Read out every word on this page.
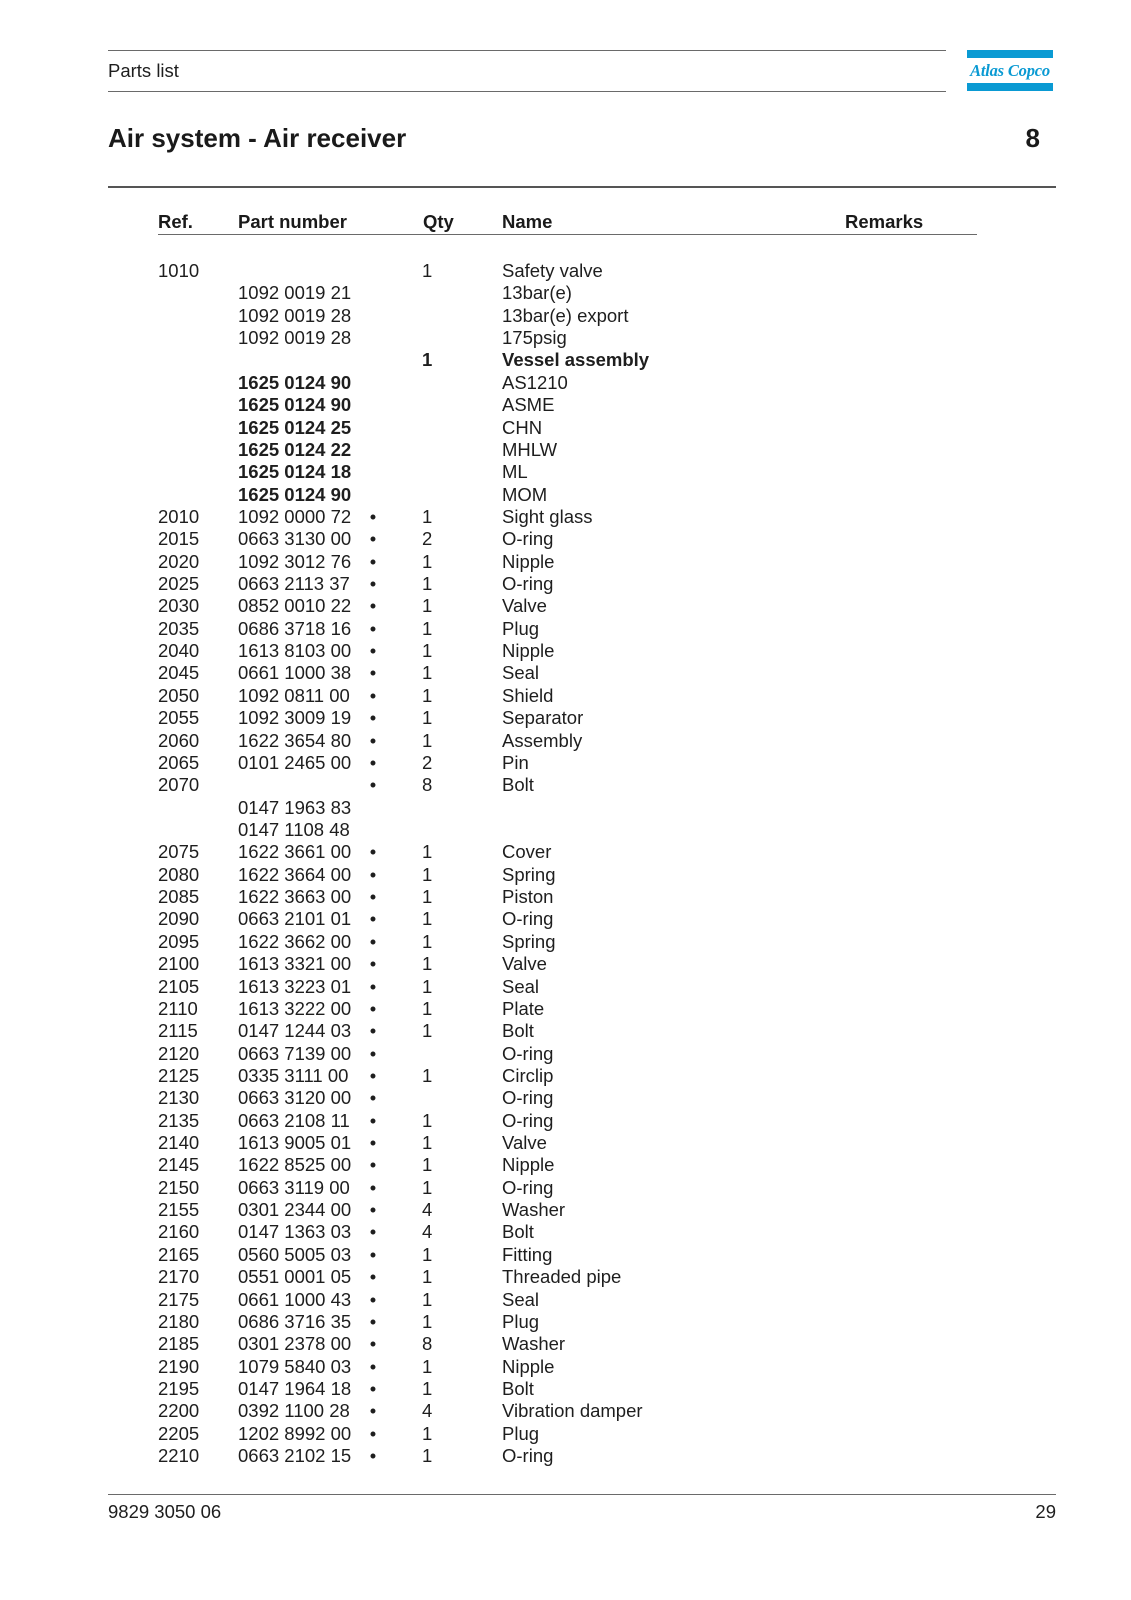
Parts list	Atlas Copco
Air system - Air receiver	8
Ref. Part number	Qty	Name	Remarks
1010	1	Safety valve
1092 0019 21	13bar(e)
1092 0019 28	13bar(e) export
1092 0019 28	175psig
1	Vessel assembly
1625 0124 90	AS1210
1625 0124 90	ASME
1625 0124 25	CHN
1625 0124 22	MHLW
1625 0124 18	ML
1625 0124 90	MOM
2010 1092 0000 72 • 1	Sight glass
2015 0663 3130 00 • 2	O-ring
2020 1092 3012 76 • 1	Nipple
2025 0663 2113 37 • 1	O-ring
2030 0852 0010 22 • 1	Valve
2035 0686 3718 16 • 1	Plug
2040 1613 8103 00 • 1	Nipple
2045 0661 1000 38 • 1	Seal
2050 1092 0811 00 • 1	Shield
2055 1092 3009 19 • 1	Separator
2060 1622 3654 80 • 1	Assembly
2065 0101 2465 00 • 2	Pin
2070	• 8	Bolt
0147 1963 83
0147 1108 48
2075 1622 3661 00 • 1	Cover
2080 1622 3664 00 • 1	Spring
2085 1622 3663 00 • 1	Piston
2090 0663 2101 01 • 1	O-ring
2095 1622 3662 00 • 1	Spring
2100 1613 3321 00 • 1	Valve
2105 1613 3223 01 • 1	Seal
2110 1613 3222 00 • 1	Plate
2115 0147 1244 03 • 1	Bolt
2120 0663 7139 00 •	O-ring
2125 0335 3111 00 • 1	Circlip
2130 0663 3120 00 •	O-ring
2135 0663 2108 11 • 1	O-ring
2140 1613 9005 01 • 1	Valve
2145 1622 8525 00 • 1	Nipple
2150 0663 3119 00 • 1	O-ring
2155 0301 2344 00 • 4	Washer
2160 0147 1363 03 • 4	Bolt
2165 0560 5005 03 • 1	Fitting
2170 0551 0001 05 • 1	Threaded pipe
2175 0661 1000 43 • 1	Seal
2180 0686 3716 35 • 1	Plug
2185 0301 2378 00 • 8	Washer
2190 1079 5840 03 • 1	Nipple
2195 0147 1964 18 • 1	Bolt
2200 0392 1100 28 • 4	Vibration damper
2205 1202 8992 00 • 1	Plug
2210 0663 2102 15 • 1	O-ring
9829 3050 06	29
